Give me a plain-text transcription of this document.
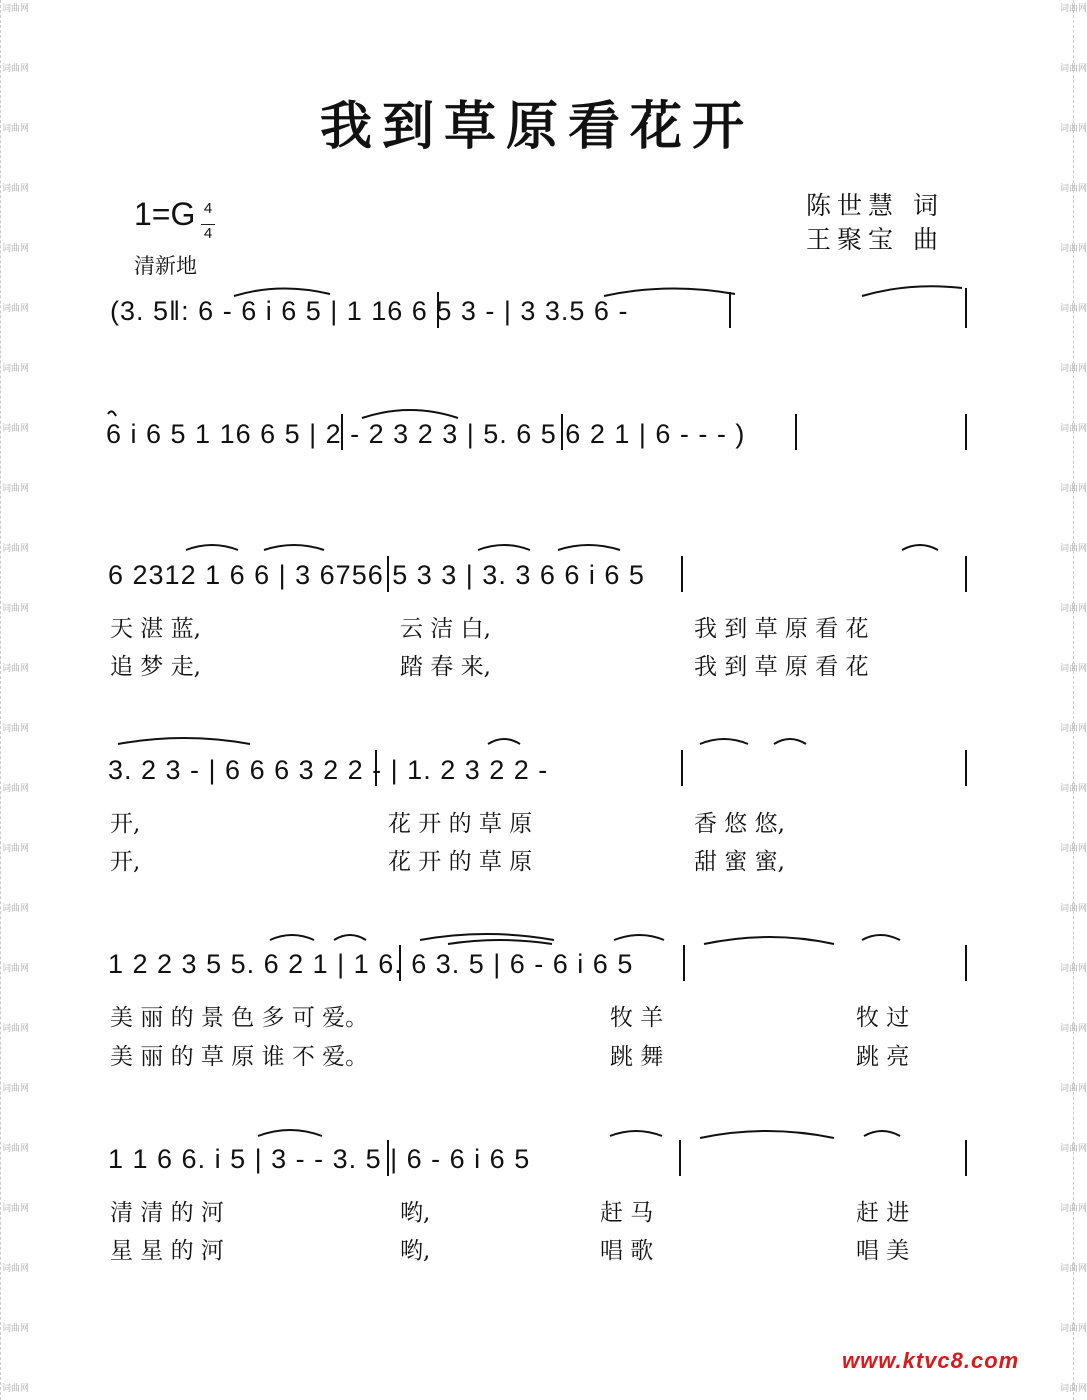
词曲网
词曲网
词曲网
词曲网
词曲网
词曲网
词曲网
词曲网
词曲网
词曲网
词曲网
词曲网
词曲网
词曲网
词曲网
词曲网
词曲网
词曲网
词曲网
词曲网
词曲网
词曲网
词曲网
词曲网
词曲网
词曲网
词曲网
词曲网
词曲网
词曲网
词曲网
词曲网
词曲网
词曲网
词曲网
词曲网
词曲网
词曲网
词曲网
词曲网
词曲网
词曲网
词曲网
词曲网
词曲网
词曲网
词曲网
词曲网
我到草原看花开
陈世慧 词
王聚宝 曲
1=G 4
4
清新地
(3. 5‖: 6 - 6 i 6 5 | 1 16 6 5 3 - | 3 3.5 6 -
6 i 6 5 1 16 6 5 | 2 - 2 3 2 3 | 5. 6 5 6 2 1 | 6 - - - )
6 2312 1 6 6 | 3 6756 5 3 3 | 3. 3 6 6 i 6 5
3. 2 3 - | 6 6 6 3 2 2 - | 1. 2 3 2 2 -
1 2 2 3 5 5. 6 2 1 | 1 6. 6 3. 5 | 6 - 6 i 6 5
1 1 6 6. i 5 | 3 - - 3. 5 | 6 - 6 i 6 5
天 湛 蓝,	云 洁 白,	我 到 草 原 看 花
追 梦 走,	踏 春 来,	我 到 草 原 看 花
开,	花 开 的 草 原	香 悠 悠,
开,	花 开 的 草 原	甜 蜜 蜜,
美 丽 的 景 色 多 可 爱。	牧 羊	牧 过
美 丽 的 草 原 谁 不 爱。	跳 舞	跳 亮
清 清 的 河	哟,	赶 马	赶 进
星 星 的 河	哟,	唱 歌	唱 美
www.ktvc8.com
